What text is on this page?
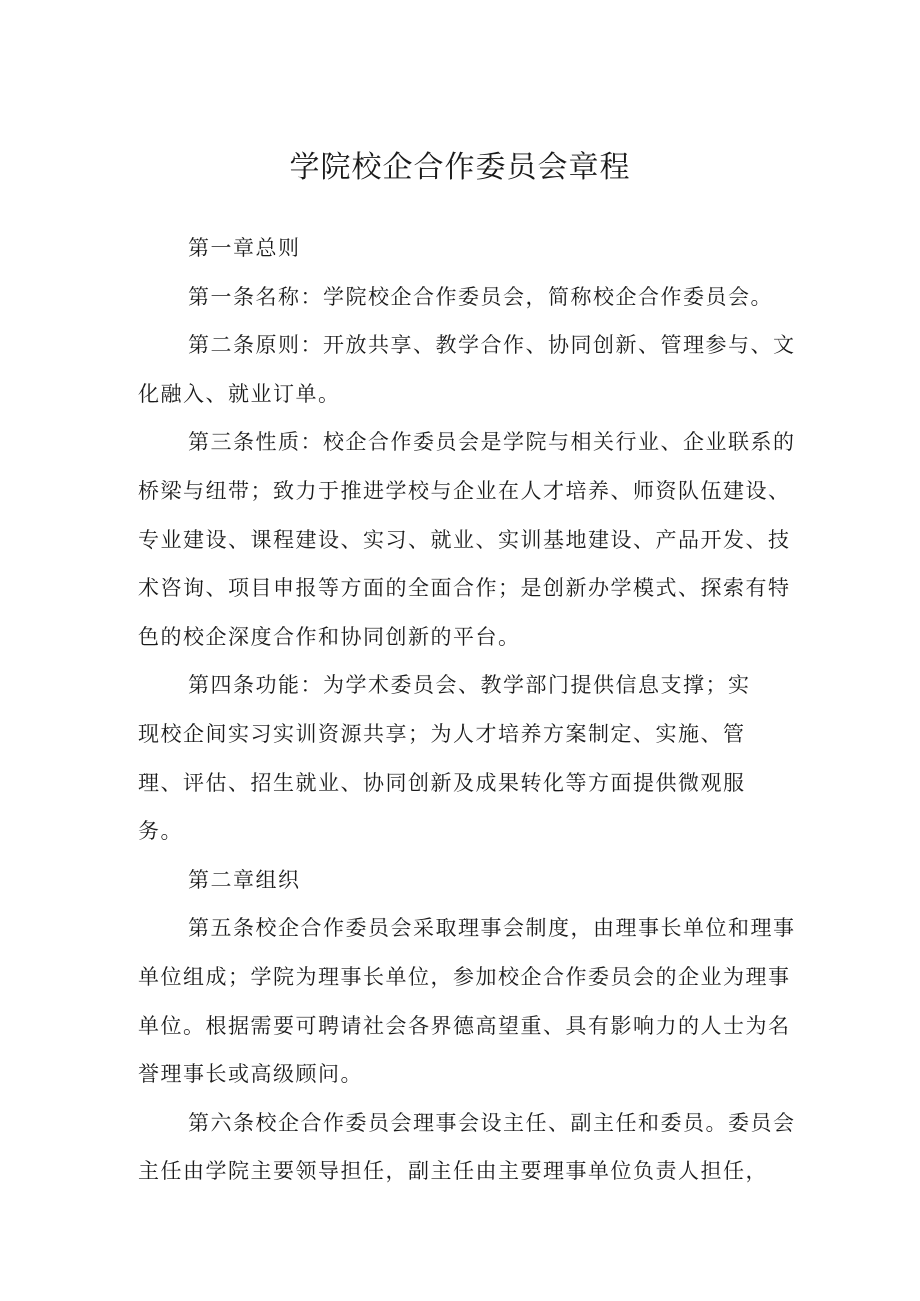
学院校企合作委员会章程

第一章总则

第一条名称：学院校企合作委员会，简称校企合作委员会。

第二条原则：开放共享、教学合作、协同创新、管理参与、文化融入、就业订单。

第三条性质：校企合作委员会是学院与相关行业、企业联系的桥梁与纽带；致力于推进学校与企业在人才培养、师资队伍建设、专业建设、课程建设、实习、就业、实训基地建设、产品开发、技术咨询、项目申报等方面的全面合作；是创新办学模式、探索有特色的校企深度合作和协同创新的平台。

第四条功能：为学术委员会、教学部门提供信息支撑；实现校企间实习实训资源共享；为人才培养方案制定、实施、管理、评估、招生就业、协同创新及成果转化等方面提供微观服务。

第二章组织

第五条校企合作委员会采取理事会制度，由理事长单位和理事单位组成；学院为理事长单位，参加校企合作委员会的企业为理事单位。根据需要可聘请社会各界德高望重、具有影响力的人士为名誉理事长或高级顾问。

第六条校企合作委员会理事会设主任、副主任和委员。委员会主任由学院主要领导担任，副主任由主要理事单位负责人担任，
